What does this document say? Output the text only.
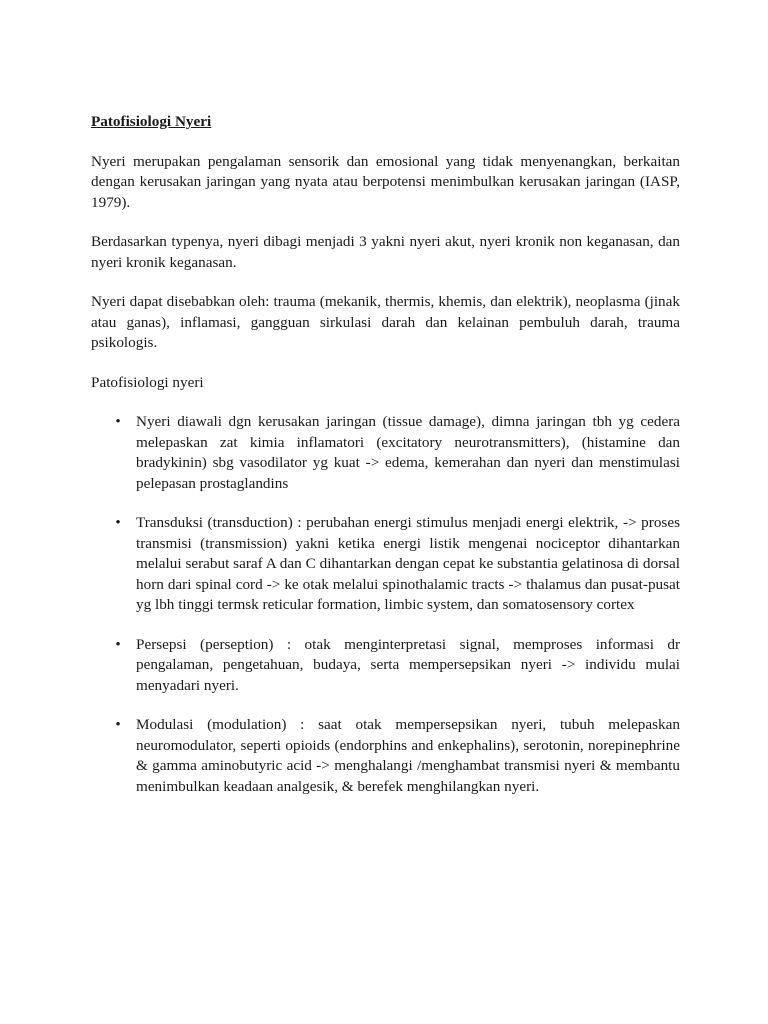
Patofisiologi Nyeri

Nyeri merupakan pengalaman sensorik dan emosional yang tidak menyenangkan, berkaitan dengan kerusakan jaringan yang nyata atau berpotensi menimbulkan kerusakan jaringan (IASP, 1979).

Berdasarkan typenya, nyeri dibagi menjadi 3 yakni nyeri akut, nyeri kronik non keganasan, dan nyeri kronik keganasan.

Nyeri dapat disebabkan oleh: trauma (mekanik, thermis, khemis, dan elektrik), neoplasma (jinak atau ganas), inflamasi, gangguan sirkulasi darah dan kelainan pembuluh darah, trauma psikologis.

Patofisiologi nyeri

• Nyeri diawali dgn kerusakan jaringan (tissue damage), dimna jaringan tbh yg cedera melepaskan zat kimia inflamatori (excitatory neurotransmitters), (histamine dan bradykinin) sbg vasodilator yg kuat -> edema, kemerahan dan nyeri dan menstimulasi pelepasan prostaglandins
• Transduksi (transduction) : perubahan energi stimulus menjadi energi elektrik, -> proses transmisi (transmission) yakni ketika energi listik mengenai nociceptor dihantarkan melalui serabut saraf A dan C dihantarkan dengan cepat ke substantia gelatinosa di dorsal horn dari spinal cord -> ke otak melalui spinothalamic tracts -> thalamus dan pusat-pusat yg lbh tinggi termsk reticular formation, limbic system, dan somatosensory cortex
• Persepsi (perseption) : otak menginterpretasi signal, memproses informasi dr pengalaman, pengetahuan, budaya, serta mempersepsikan nyeri -> individu mulai menyadari nyeri.
• Modulasi (modulation) : saat otak mempersepsikan nyeri, tubuh melepaskan neuromodulator, seperti opioids (endorphins and enkephalins), serotonin, norepinephrine & gamma aminobutyric acid -> menghalangi /menghambat transmisi nyeri & membantu menimbulkan keadaan analgesik, & berefek menghilangkan nyeri.
